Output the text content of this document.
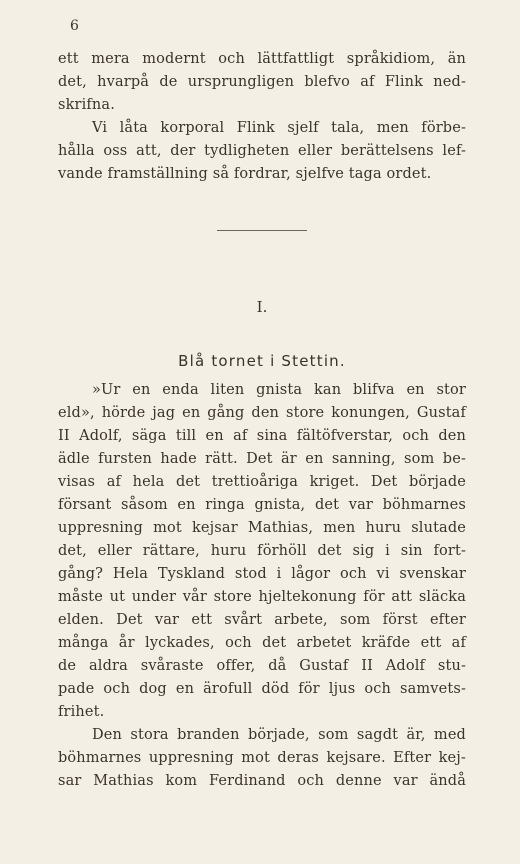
6
ett mera modernt och lättfattligt språkidiom, än
det, hvarpå de ursprungligen blefvo af Flink ned-
skrifna.
Vi låta korporal Flink sjelf tala, men förbe-
hålla oss att, der tydligheten eller berättelsens lef-
vande framställning så fordrar, sjelfve taga ordet.
I.
Blå tornet i Stettin.
»Ur en enda liten gnista kan blifva en stor
eld», hörde jag en gång den store konungen, Gustaf
II Adolf, säga till en af sina fältöfverstar, och den
ädle fursten hade rätt. Det är en sanning, som be-
visas af hela det trettioåriga kriget. Det började
försant såsom en ringa gnista, det var böhmarnes
uppresning mot kejsar Mathias, men huru slutade
det, eller rättare, huru förhöll det sig i sin fort-
gång? Hela Tyskland stod i lågor och vi svenskar
måste ut under vår store hjeltekonung för att släcka
elden. Det var ett svårt arbete, som först efter
många år lyckades, och det arbetet kräfde ett af
de aldra svåraste offer, då Gustaf II Adolf stu-
pade och dog en ärofull död för ljus och samvets-
frihet.
Den stora branden började, som sagdt är, med
böhmarnes uppresning mot deras kejsare. Efter kej-
sar Mathias kom Ferdinand och denne var ändå
